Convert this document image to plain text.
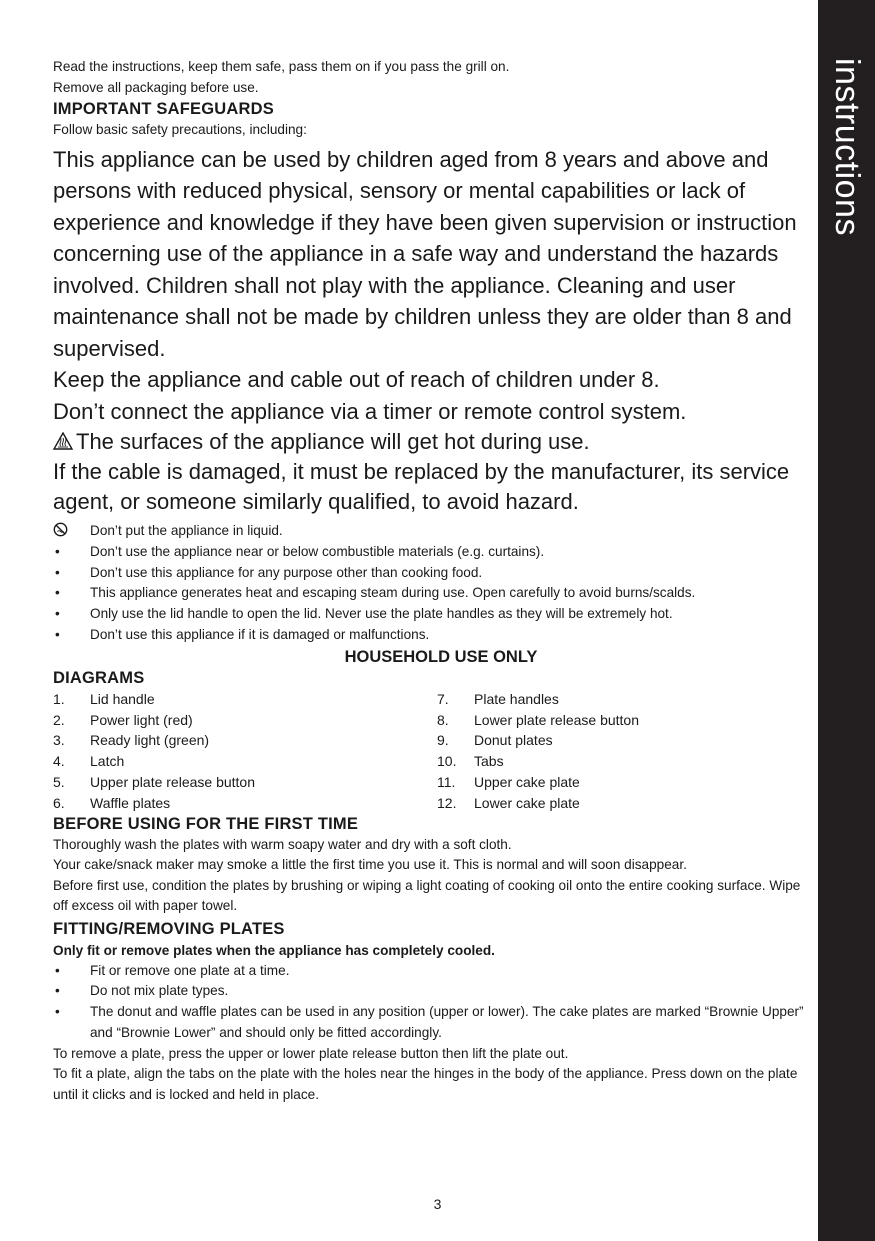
instructions
Read the instructions, keep them safe, pass them on if you pass the grill on.
Remove all packaging before use.
IMPORTANT SAFEGUARDS
Follow basic safety precautions, including:
This appliance can be used by children aged from 8 years and above and persons with reduced physical, sensory or mental capabilities or lack of experience and knowledge if they have been given supervision or instruction concerning use of the appliance in a safe way and understand the hazards involved. Children shall not play with the appliance. Cleaning and user maintenance shall not be made by children unless they are older than 8 and supervised.
Keep the appliance and cable out of reach of children under 8.
Don’t connect the appliance via a timer or remote control system.
The surfaces of the appliance will get hot during use.
If the cable is damaged, it must be replaced by the manufacturer, its service agent, or someone similarly qualified, to avoid hazard.
Don’t put the appliance in liquid.
•	Don’t use the appliance near or below combustible materials (e.g. curtains).
•	Don’t use this appliance for any purpose other than cooking food.
•	This appliance generates heat and escaping steam during use. Open carefully to avoid burns/scalds.
•	Only use the lid handle to open the lid. Never use the plate handles as they will be extremely hot.
•	Don’t use this appliance if it is damaged or malfunctions.
HOUSEHOLD USE ONLY
DIAGRAMS
1.	Lid handle
2.	Power light (red)
3.	Ready light (green)
4.	Latch
5.	Upper plate release button
6.	Waffle plates
7.	Plate handles
8.	Lower plate release button
9.	Donut plates
10.	Tabs
11.	Upper cake plate
12.	Lower cake plate
BEFORE USING FOR THE FIRST TIME
Thoroughly wash the plates with warm soapy water and dry with a soft cloth.
Your cake/snack maker may smoke a little the first time you use it. This is normal and will soon disappear.
Before first use, condition the plates by brushing or wiping a light coating of cooking oil onto the entire cooking surface. Wipe off excess oil with paper towel.
FITTING/REMOVING PLATES
Only fit or remove plates when the appliance has completely cooled.
•	Fit or remove one plate at a time.
•	Do not mix plate types.
•	The donut and waffle plates can be used in any position (upper or lower). The cake plates are marked “Brownie Upper” and “Brownie Lower” and should only be fitted accordingly.
To remove a plate, press the upper or lower plate release button then lift the plate out.
To fit a plate, align the tabs on the plate with the holes near the hinges in the body of the appliance. Press down on the plate until it clicks and is locked and held in place.
3
